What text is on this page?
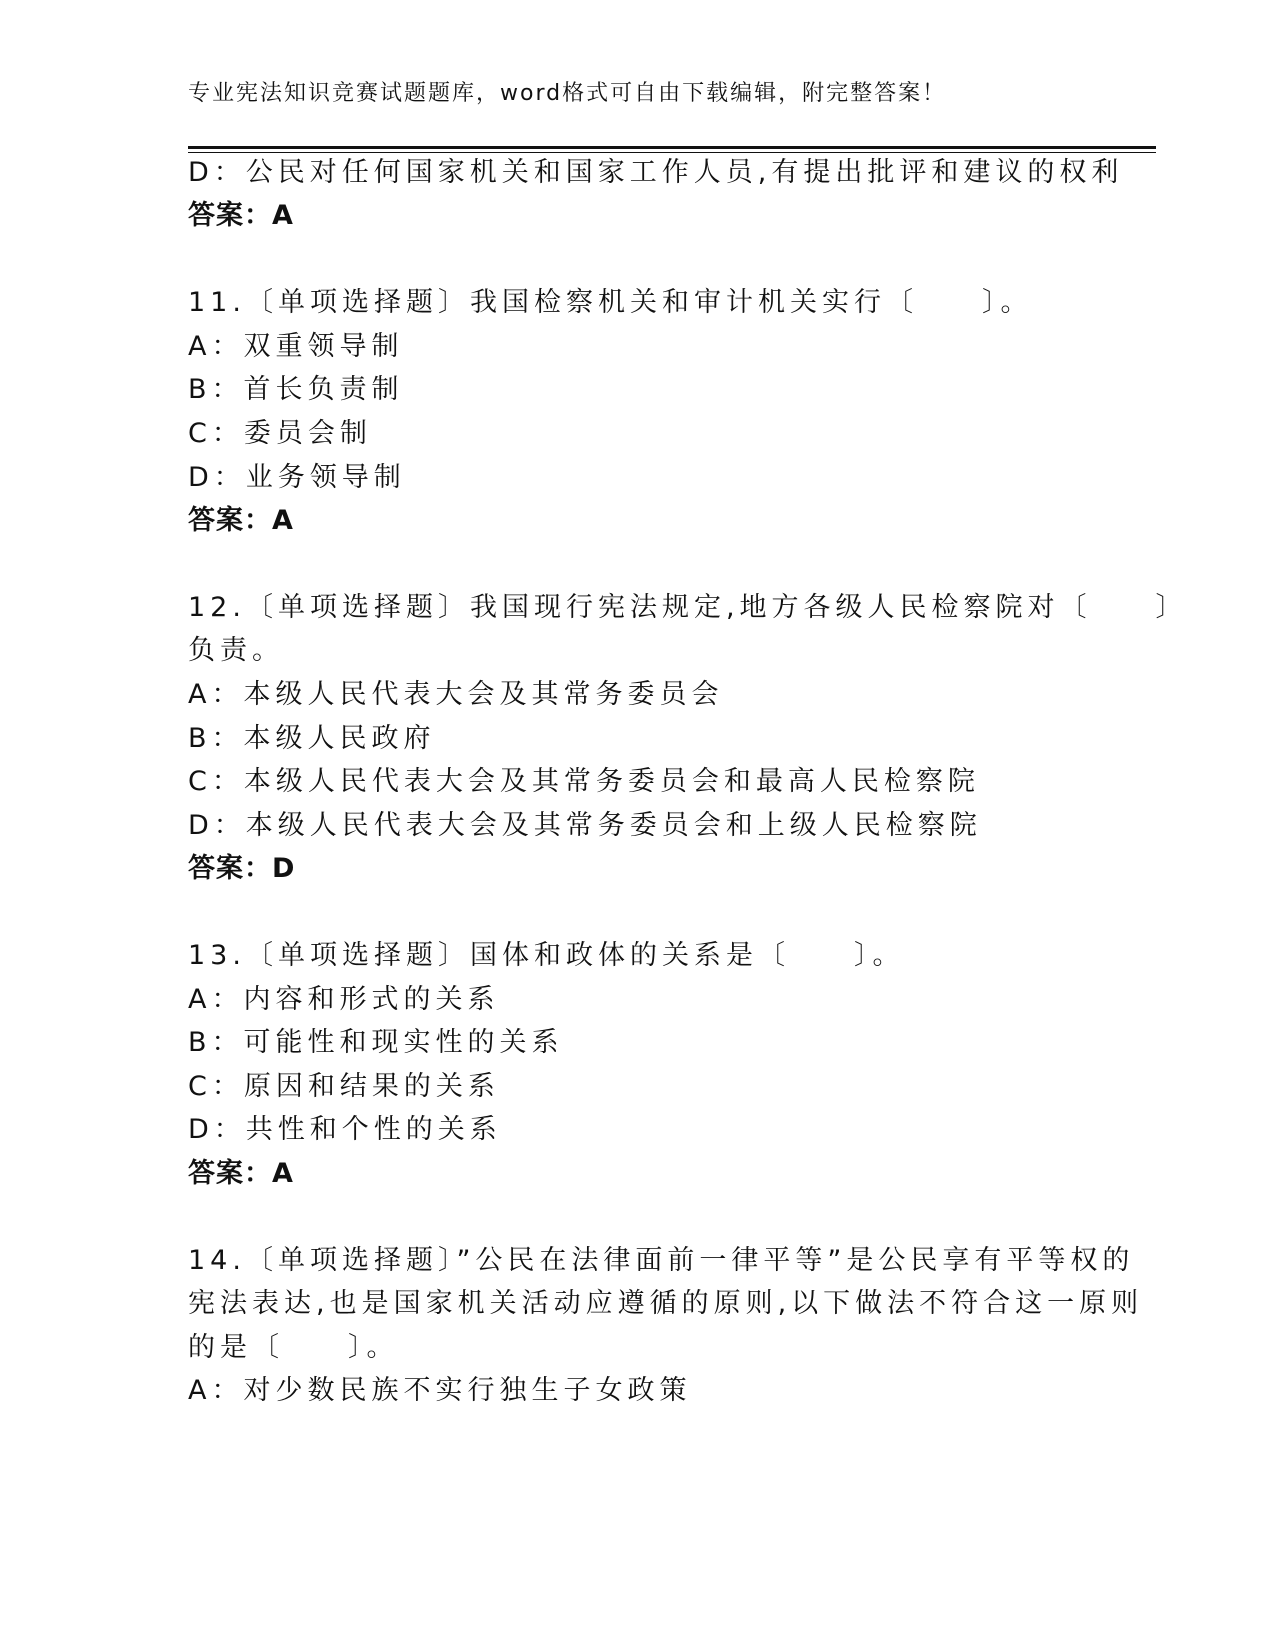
专业宪法知识竞赛试题题库，word格式可自由下载编辑，附完整答案！
D：公民对任何国家机关和国家工作人员,有提出批评和建议的权利
答案：A
11.〔单项选择题〕我国检察机关和审计机关实行〔　　〕。
A：双重领导制
B：首长负责制
C：委员会制
D：业务领导制
答案：A
12.〔单项选择题〕我国现行宪法规定,地方各级人民检察院对〔　　〕
负责。
A：本级人民代表大会及其常务委员会
B：本级人民政府
C：本级人民代表大会及其常务委员会和最高人民检察院
D：本级人民代表大会及其常务委员会和上级人民检察院
答案：D
13.〔单项选择题〕国体和政体的关系是〔　　〕。
A：内容和形式的关系
B：可能性和现实性的关系
C：原因和结果的关系
D：共性和个性的关系
答案：A
14.〔单项选择题〕”公民在法律面前一律平等”是公民享有平等权的
宪法表达,也是国家机关活动应遵循的原则,以下做法不符合这一原则
的是〔　　〕。
A：对少数民族不实行独生子女政策
